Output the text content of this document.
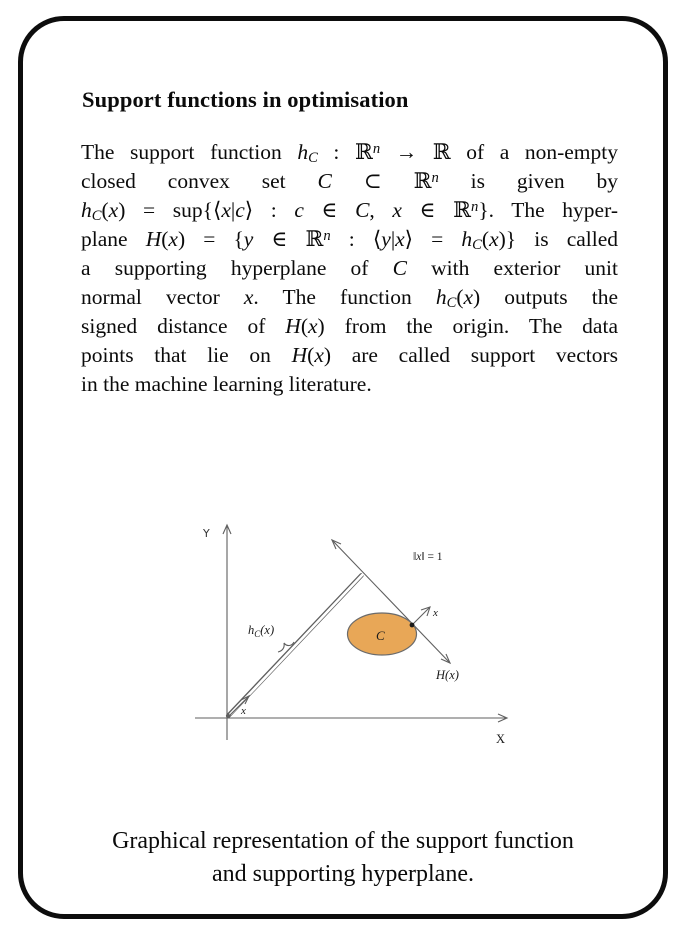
Support functions in optimisation
The support function hC : ℝ$^n$ → ℝ of a non-empty
closed convex set C ⊂ ℝ$^n$ is given by
hC(x) = sup{⟨x|c⟩ : c ∈ C, x ∈ ℝ$^n$}. The hyper-
plane H(x) = {y ∈ ℝ$^n$ : ⟨y|x⟩ = hC(x)} is called
a supporting hyperplane of C with exterior unit
normal vector x. The function hC(x) outputs the
signed distance of H(x) from the origin. The data
points that lie on H(x) are called support vectors
in the machine learning literature.
Y
X
‖x‖ = 1
$h_C(x)$
H(x)
C
x
x
Graphical representation of the support function
and supporting hyperplane.
